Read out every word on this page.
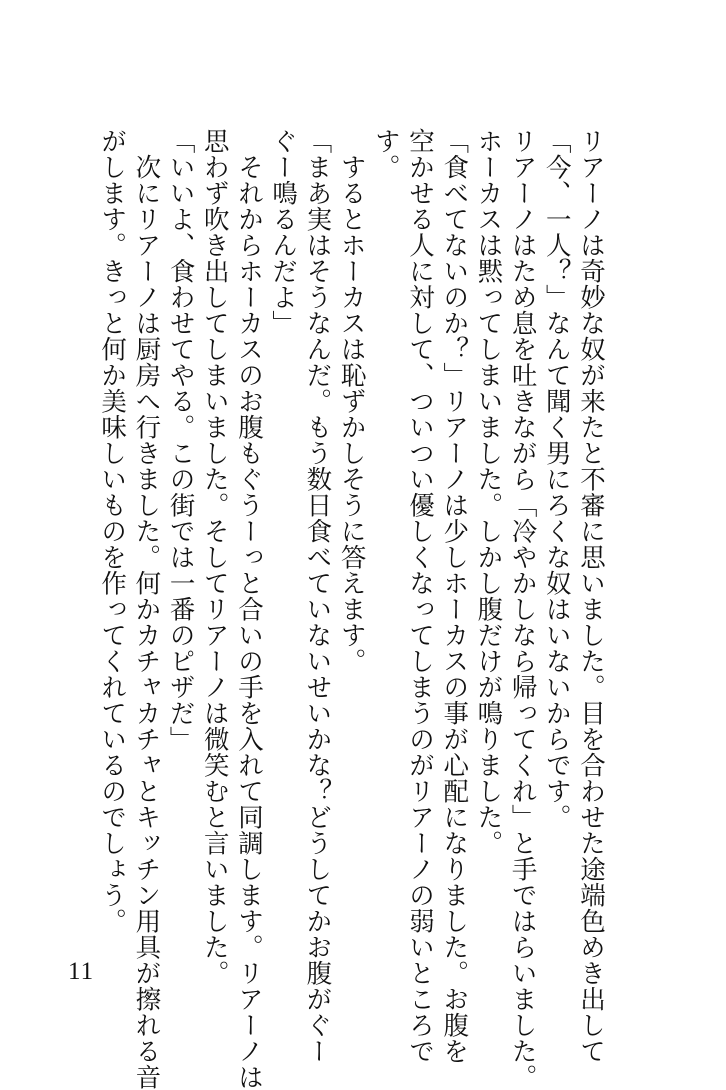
リアーノは奇妙な奴が来たと不審に思いました。目を合わせた途端色めき出して
「今、一人？」なんて聞く男にろくな奴はいないからです。
リアーノはため息を吐きながら「冷やかしなら帰ってくれ」と手ではらいました。
ホーカスは黙ってしまいました。しかし腹だけが鳴りました。
「食べてないのか？」リアーノは少しホーカスの事が心配になりました。お腹を
空かせる人に対して、ついつい優しくなってしまうのがリアーノの弱いところで
す。
　するとホーカスは恥ずかしそうに答えます。
「まあ実はそうなんだ。もう数日食べていないせいかな？どうしてかお腹がぐー
ぐー鳴るんだよ」
　それからホーカスのお腹もぐうーっと合いの手を入れて同調します。リアーノは
思わず吹き出してしまいました。そしてリアーノは微笑むと言いました。
「いいよ、食わせてやる。この街では一番のピザだ」
　次にリアーノは厨房へ行きました。何かカチャカチャとキッチン用具が擦れる音
がします。きっと何か美味しいものを作ってくれているのでしょう。
11
